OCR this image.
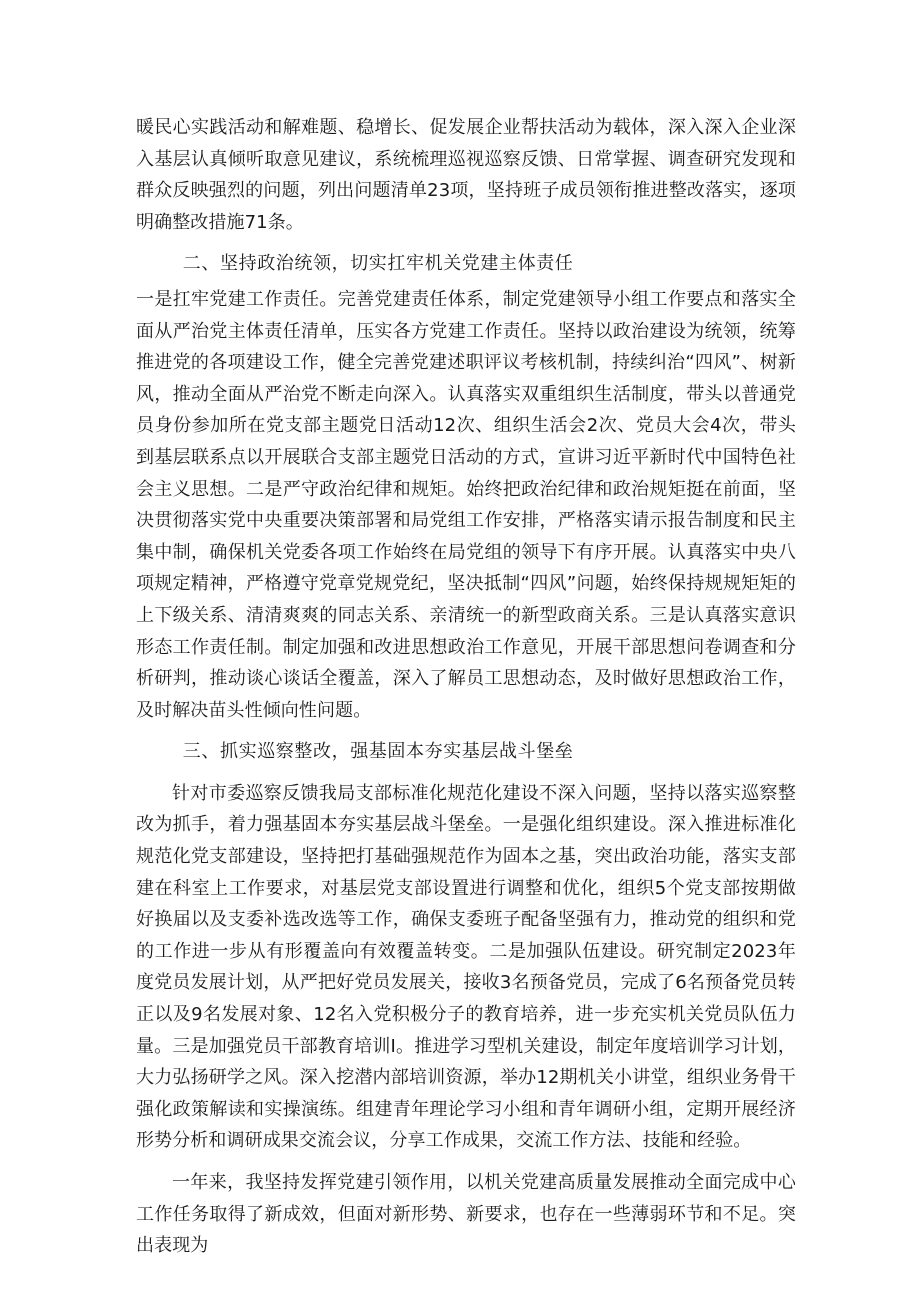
暖民心实践活动和解难题、稳增长、促发展企业帮扶活动为载体，深入深入企业深入基层认真倾听取意见建议，系统梳理巡视巡察反馈、日常掌握、调查研究发现和群众反映强烈的问题，列出问题清单23项，坚持班子成员领衔推进整改落实，逐项明确整改措施71条。

二、坚持政治统领，切实扛牢机关党建主体责任

一是扛牢党建工作责任。完善党建责任体系，制定党建领导小组工作要点和落实全面从严治党主体责任清单，压实各方党建工作责任。坚持以政治建设为统领，统筹推进党的各项建设工作，健全完善党建述职评议考核机制，持续纠治“四风”、树新风，推动全面从严治党不断走向深入。认真落实双重组织生活制度，带头以普通党员身份参加所在党支部主题党日活动12次、组织生活会2次、党员大会4次，带头到基层联系点以开展联合支部主题党日活动的方式，宣讲习近平新时代中国特色社会主义思想。二是严守政治纪律和规矩。始终把政治纪律和政治规矩挺在前面，坚决贯彻落实党中央重要决策部署和局党组工作安排，严格落实请示报告制度和民主集中制，确保机关党委各项工作始终在局党组的领导下有序开展。认真落实中央八项规定精神，严格遵守党章党规党纪，坚决抵制“四风”问题，始终保持规规矩矩的上下级关系、清清爽爽的同志关系、亲清统一的新型政商关系。三是认真落实意识形态工作责任制。制定加强和改进思想政治工作意见，开展干部思想问卷调查和分析研判，推动谈心谈话全覆盖，深入了解员工思想动态，及时做好思想政治工作，及时解决苗头性倾向性问题。

三、抓实巡察整改，强基固本夯实基层战斗堡垒

针对市委巡察反馈我局支部标准化规范化建设不深入问题，坚持以落实巡察整改为抓手，着力强基固本夯实基层战斗堡垒。一是强化组织建设。深入推进标准化规范化党支部建设，坚持把打基础强规范作为固本之基，突出政治功能，落实支部建在科室上工作要求，对基层党支部设置进行调整和优化，组织5个党支部按期做好换届以及支委补选改选等工作，确保支委班子配备坚强有力，推动党的组织和党的工作进一步从有形覆盖向有效覆盖转变。二是加强队伍建设。研究制定2023年度党员发展计划，从严把好党员发展关，接收3名预备党员，完成了6名预备党员转正以及9名发展对象、12名入党积极分子的教育培养，进一步充实机关党员队伍力量。三是加强党员干部教育培训I。推进学习型机关建设，制定年度培训学习计划，大力弘扬研学之风。深入挖潜内部培训资源，举办12期机关小讲堂，组织业务骨干强化政策解读和实操演练。组建青年理论学习小组和青年调研小组，定期开展经济形势分析和调研成果交流会议，分享工作成果，交流工作方法、技能和经验。

一年来，我坚持发挥党建引领作用，以机关党建高质量发展推动全面完成中心工作任务取得了新成效，但面对新形势、新要求，也存在一些薄弱环节和不足。突出表现为
